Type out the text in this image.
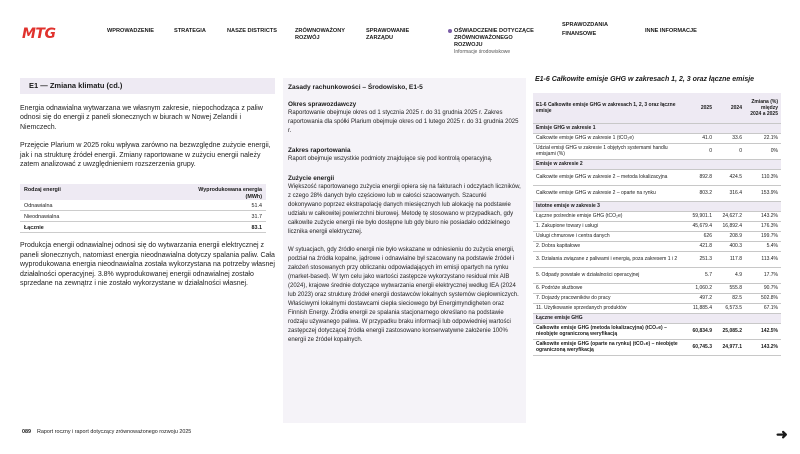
MTG	WPROWADZENIE	STRATEGIA	NASZE DISTRICTS	ZRÓWNOWAŻONY
ROZWÓJ
SPRAWOWANIE
ZARZĄDU
OŚWIADCZENIE DOTYCZĄCE
ZRÓWNOWAŻONEGO
ROZWOJU
Informacje środowiskowe
SPRAWOZDANIA
FINANSOWE	INNE INFORMACJE
E1 — Zmiana klimatu (cd.)

Energia odnawialna wytwarzana we własnym zakresie, niepochodząca z paliw odnosi się do energii z paneli słonecznych w biurach w Nowej Zelandii i Niemczech.

Przejęcie Plarium w 2025 roku wpływa zarówno na bezwzględne zużycie energii, jak i na strukturę źródeł energii. Zmiany raportowane w zużyciu energii należy zatem analizować z uwzględnieniem rozszerzenia grupy.

Rodzaj energii	Wyprodukowana energia
(MWh)
Odnawialna	51.4
Nieodnawialna	31.7
Łącznie	83.1

Produkcja energii odnawialnej odnosi się do wytwarzania energii elektrycznej z paneli słonecznych, natomiast energia nieodnawialna dotyczy spalania paliw. Cała wyprodukowana energia nieodnawialna została wykorzystana na potrzeby własnej działalności operacyjnej. 3.8% wyprodukowanej energii odnawialnej zostało sprzedane na zewnątrz i nie zostało wykorzystane w działalności własnej.

Zasady rachunkowości – Środowisko, E1-5
Okres sprawozdawczy
Raportowanie obejmuje okres od 1 stycznia 2025 r. do 31 grudnia 2025 r. Zakres raportowania dla spółki Plarium obejmuje okres od 1 lutego 2025 r. do 31 grudnia 2025 r.
Zakres raportowania
Raport obejmuje wszystkie podmioty znajdujące się pod kontrolą operacyjną.
Zużycie energii
Większość raportowanego zużycia energii opiera się na fakturach i odczytach liczników, z czego 28% danych było częściowo lub w całości szacowanych. Szacunki dokonywano poprzez ekstrapolację danych miesięcznych lub alokację na podstawie udziału w całkowitej powierzchni biurowej. Metodę tę stosowano w przypadkach, gdy całkowite zużycie energii nie było dostępne lub gdy biuro nie posiadało oddzielnego licznika energii elektrycznej.
W sytuacjach, gdy źródło energii nie było wskazane w odniesieniu do zużycia energii, podział na źródła kopalne, jądrowe i odnawialne był szacowany na podstawie źródeł i założeń stosowanych przy obliczaniu odpowiadających im emisji opartych na rynku (market-based). W tym celu jako wartości zastępcze wykorzystano residual mix AIB (2024), krajowe średnie dotyczące wytwarzania energii elektrycznej według IEA (2024 lub 2023) oraz strukturę źródeł energii dostawców lokalnych systemów ciepłowniczych. Właściwymi lokalnymi dostawcami ciepła sieciowego był Energimyndigheten oraz Finnish Energy. Źródła energii ze spalania stacjonarnego określano na podstawie rodzaju używanego paliwa. W przypadku braku informacji lub odpowiedniej wartości zastępczej dotyczącej źródła energii zastosowano konserwatywne założenie 100% energii ze źródeł kopalnych.
E1-6 Całkowite emisje GHG w zakresach 1, 2, 3 oraz łączne emisje
E1-6 Całkowite emisje GHG w zakresach 1, 2, 3 oraz łączne emisje	2025	2024	Zmiana (%)
między
2024 a 2025
Emisje GHG w zakresie 1			
Całkowite emisje GHG w zakresie 1 (tCO₂e)	41.0	33.6	22.1%
Udział emisji GHG w zakresie 1 objętych systemami handlu emisjami (%)	0	0	0%
Emisje w zakresie 2			
Całkowite emisje GHG w zakresie 2 – metoda lokalizacyjna	892.8	424.5	110.3%
Całkowite emisje GHG w zakresie 2 – oparte na rynku	803.2	316.4	153.9%
Istotne emisje w zakresie 3			
Łączne pośrednie emisje GHG (tCO₂e)	59,901.1	24,627.2	143.2%
1. Zakupione towary i usługi	45,679.4	16,892.4	176.3%
Usługi chmurowe i centra danych	626	208.9	199.7%
2. Dobra kapitałowe	421.8	400.3	5.4%
3. Działania związane z paliwami i energią, poza zakresem 1 i 2	251.3	117.8	113.4%
5. Odpady powstałe w działalności operacyjnej	5.7	4.9	17.7%
6. Podróże służbowe	1,060.2	555.8	90.7%
7. Dojazdy pracowników do pracy	497.2	82.5	502.8%
11. Użytkowanie sprzedanych produktów	11,885.4	6,573.5	67.1%
Łączne emisje GHG			
Całkowite emisje GHG (metoda lokalizacyjna) (tCO₂e) – nieobjęte ograniczoną weryfikacją	60,834.9	25,085.2	142.5%
Całkowite emisje GHG (oparte na rynku) (tCO₂e) – nieobjęte ograniczoną weryfikacją	60,745.3	24,977.1	143.2%
089 Raport roczny i raport dotyczący zrównoważonego rozwoju 2025	➜
